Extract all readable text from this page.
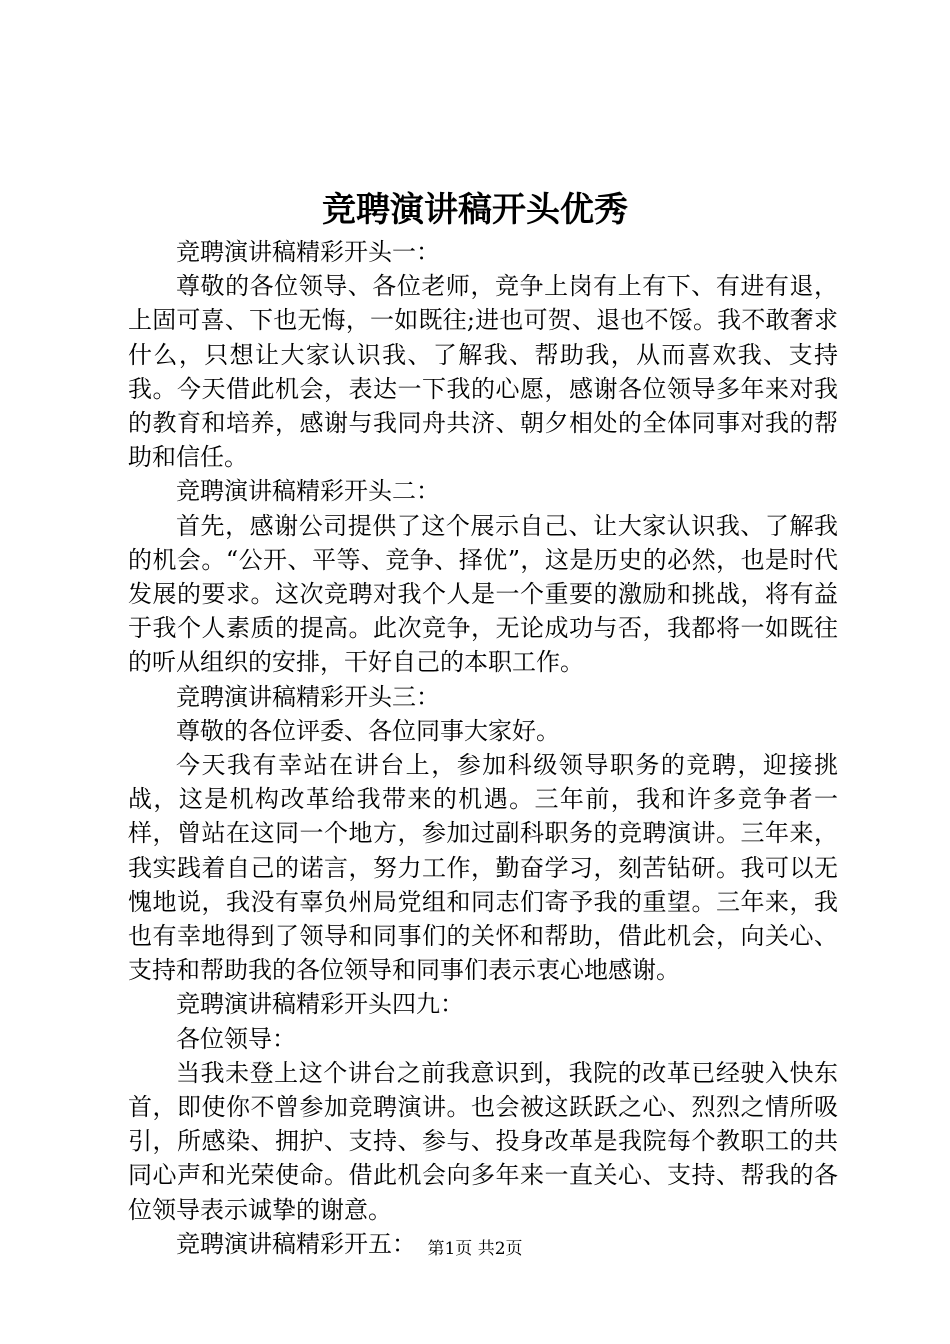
竞聘演讲稿开头优秀

竞聘演讲稿精彩开头一：

尊敬的各位领导、各位老师，竞争上岗有上有下、有进有退，上固可喜、下也无悔，一如既往;进也可贺、退也不馁。我不敢奢求什么，只想让大家认识我、了解我、帮助我，从而喜欢我、支持我。今天借此机会，表达一下我的心愿，感谢各位领导多年来对我的教育和培养，感谢与我同舟共济、朝夕相处的全体同事对我的帮助和信任。

竞聘演讲稿精彩开头二：

首先，感谢公司提供了这个展示自己、让大家认识我、了解我的机会。“公开、平等、竞争、择优”，这是历史的必然，也是时代发展的要求。这次竞聘对我个人是一个重要的激励和挑战，将有益于我个人素质的提高。此次竞争，无论成功与否，我都将一如既往的听从组织的安排，干好自己的本职工作。

竞聘演讲稿精彩开头三：

尊敬的各位评委、各位同事大家好。

今天我有幸站在讲台上，参加科级领导职务的竞聘，迎接挑战，这是机构改革给我带来的机遇。三年前，我和许多竞争者一样，曾站在这同一个地方，参加过副科职务的竞聘演讲。三年来，我实践着自己的诺言，努力工作，勤奋学习，刻苦钻研。我可以无愧地说，我没有辜负州局党组和同志们寄予我的重望。三年来，我也有幸地得到了领导和同事们的关怀和帮助，借此机会，向关心、支持和帮助我的各位领导和同事们表示衷心地感谢。

竞聘演讲稿精彩开头四九：

各位领导：

当我未登上这个讲台之前我意识到，我院的改革已经驶入快东首，即使你不曾参加竞聘演讲。也会被这跃跃之心、烈烈之情所吸引，所感染、拥护、支持、参与、投身改革是我院每个教职工的共同心声和光荣使命。借此机会向多年来一直关心、支持、帮我的各位领导表示诚挚的谢意。

竞聘演讲稿精彩开五： 第1页 共2页
